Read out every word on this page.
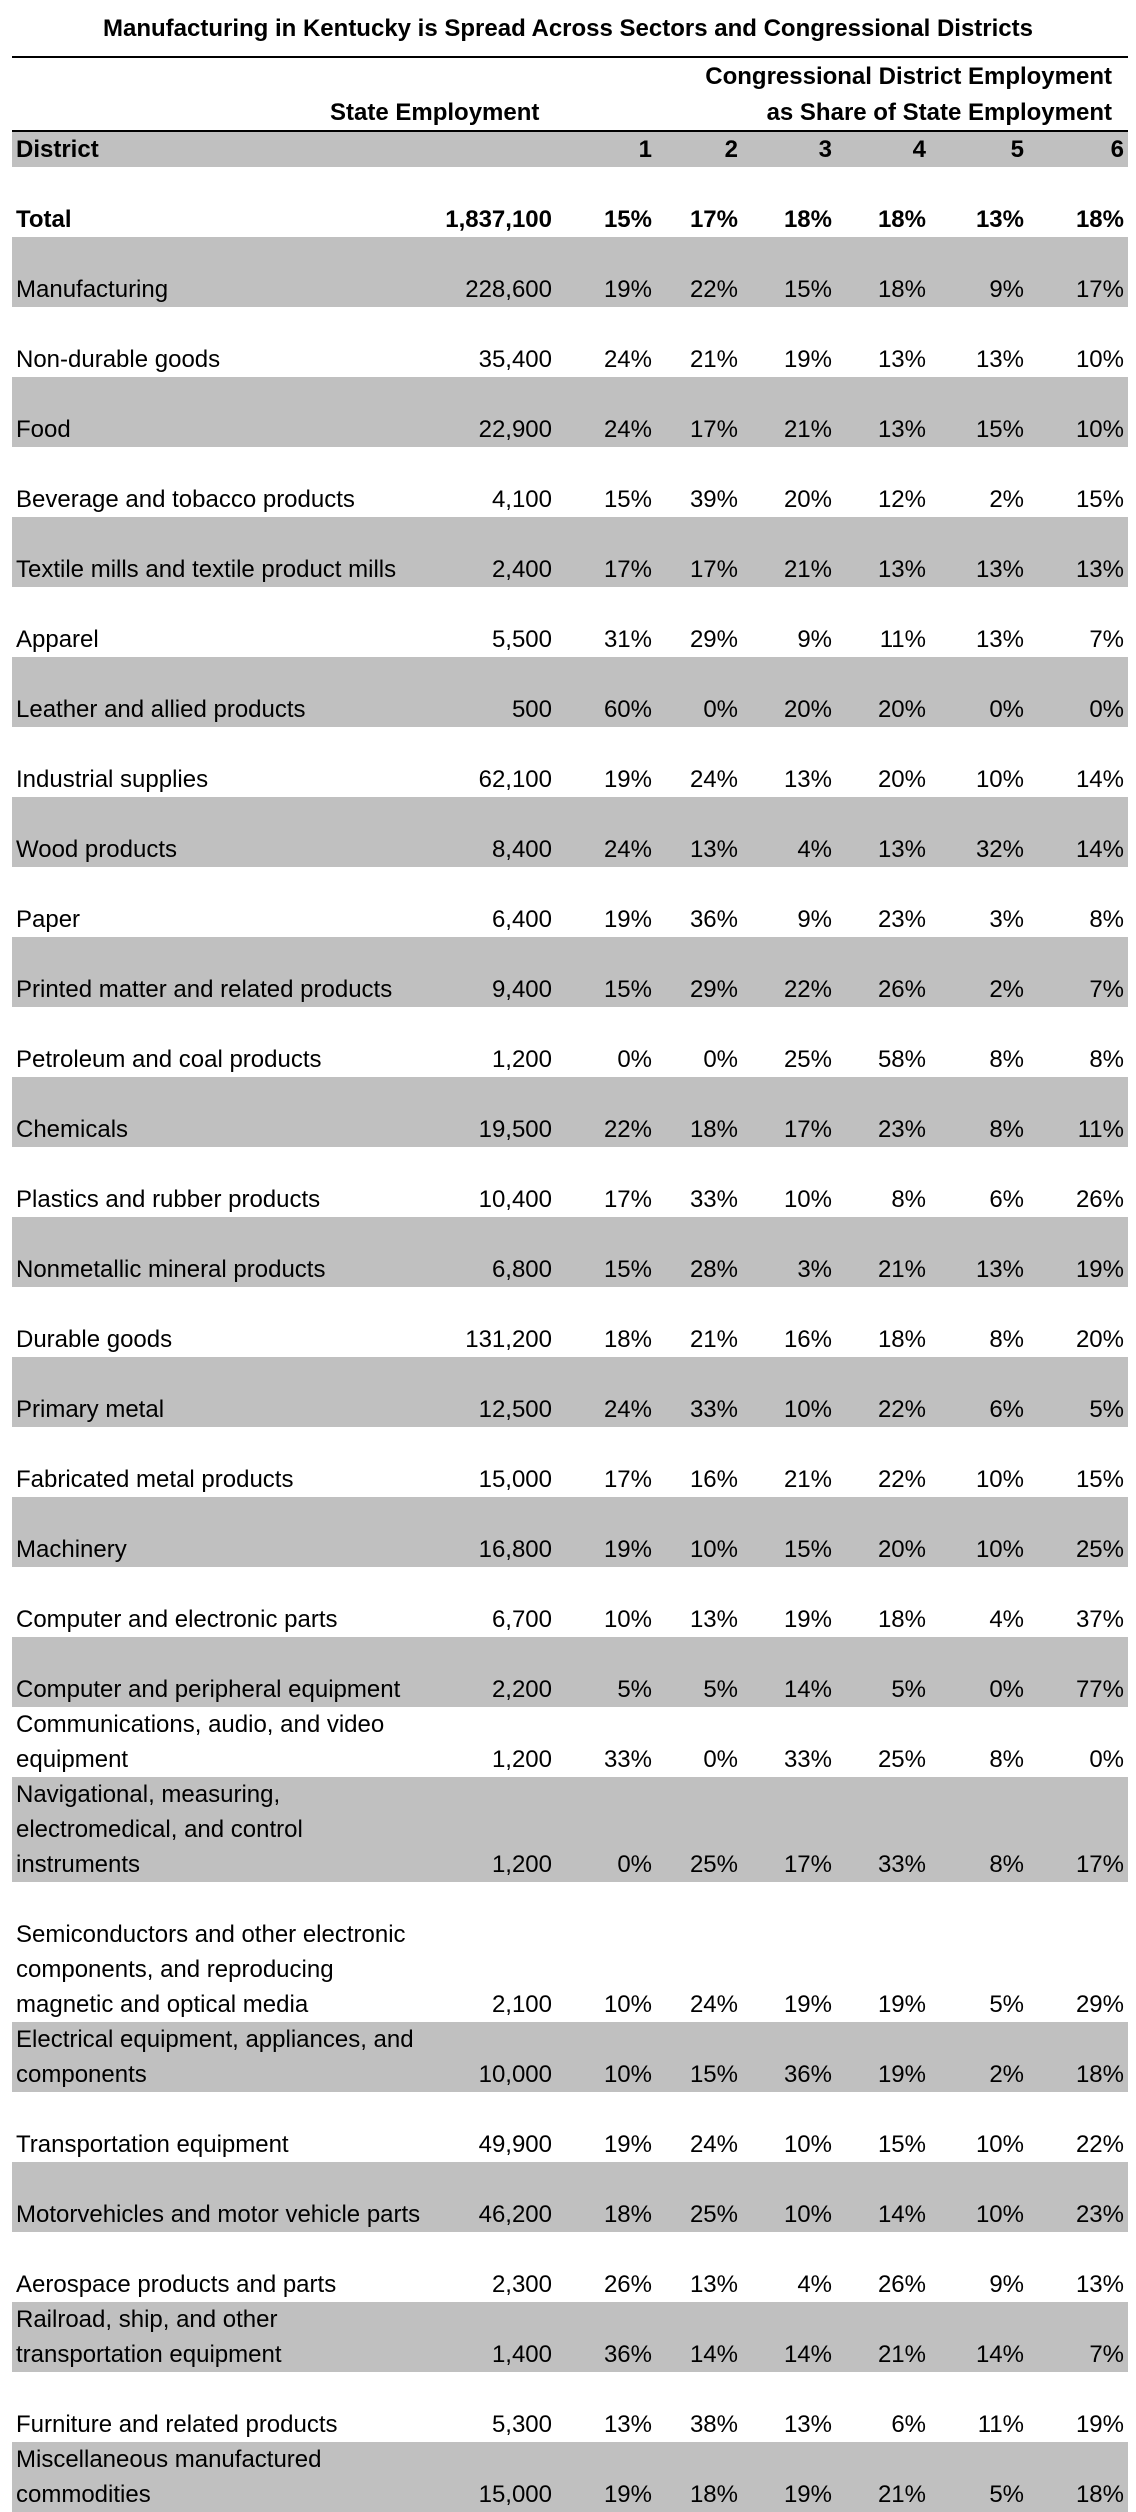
Manufacturing in Kentucky is Spread Across Sectors and Congressional Districts
Congressional District Employment
State Employment	as Share of State Employment
District	1	2	3	4	5	6
Total	1,837,100 15% 17% 18% 18% 13% 18%
Manufacturing	228,600 19% 22% 15% 18%	9% 17%
Non-durable goods	35,400 24% 21% 19% 13% 13% 10%
Food	22,900 24% 17% 21% 13% 15% 10%
Beverage and tobacco products	4,100 15% 39% 20% 12%	2% 15%
Textile mills and textile product mills	2,400 17% 17% 21% 13% 13% 13%
Apparel	5,500 31% 29% 9% 11% 13%	7%
Leather and allied products	500 60% 0% 20% 20%	0%	0%
Industrial supplies	62,100 19% 24% 13% 20% 10% 14%
Wood products	8,400 24% 13% 4% 13% 32% 14%
Paper	6,400 19% 36% 9% 23%	3%	8%
Printed matter and related products	9,400 15% 29% 22% 26%	2%	7%
Petroleum and coal products	1,200	0% 0% 25% 58%	8%	8%
Chemicals	19,500 22% 18% 17% 23%	8% 11%
Plastics and rubber products	10,400 17% 33% 10% 8%	6% 26%
Nonmetallic mineral products	6,800 15% 28% 3% 21% 13% 19%
Durable goods	131,200 18% 21% 16% 18%	8% 20%
Primary metal	12,500 24% 33% 10% 22%	6%	5%
Fabricated metal products	15,000 17% 16% 21% 22% 10% 15%
Machinery	16,800 19% 10% 15% 20% 10% 25%
Computer and electronic parts	6,700 10% 13% 19% 18%	4% 37%
Computer and peripheral equipment	2,200	5% 5% 14% 5%	0% 77%
Communications, audio, and video equipment	1,200 33% 0% 33% 25%	8%	0%
Navigational, measuring, electromedical, and control instruments	1,200	0% 25% 17% 33%	8% 17%
Semiconductors and other electronic components, and reproducing magnetic and optical media	2,100 10% 24% 19% 19%	5% 29%
Electrical equipment, appliances, and components	10,000 10% 15% 36% 19%	2% 18%
Transportation equipment	49,900 19% 24% 10% 15% 10% 22%
Motorvehicles and motor vehicle parts 46,200 18% 25% 10% 14% 10% 23%
Aerospace products and parts	2,300 26% 13% 4% 26%	9% 13%
Railroad, ship, and other transportation equipment	1,400 36% 14% 14% 21% 14%	7%
Furniture and related products	5,300 13% 38% 13% 6% 11% 19%
Miscellaneous manufactured commodities	15,000 19% 18% 19% 21%	5% 18%
